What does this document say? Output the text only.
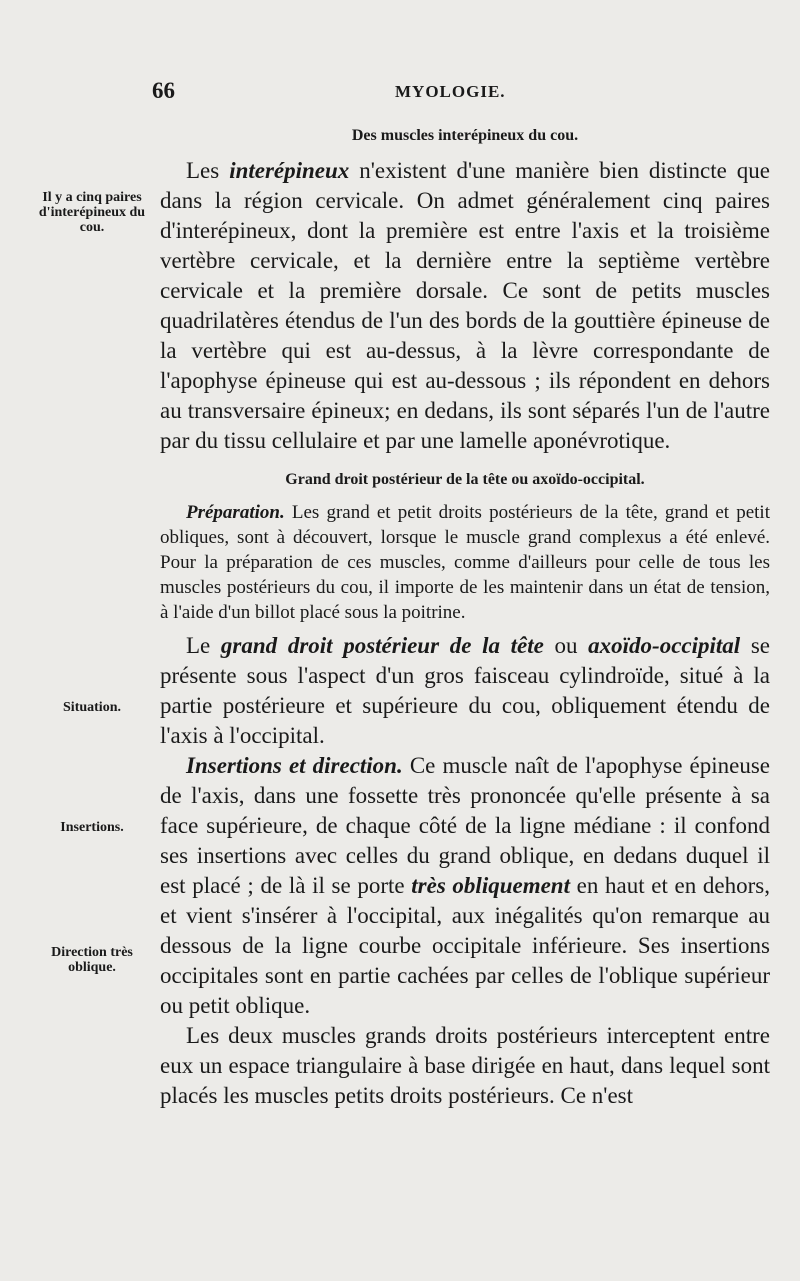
66	MYOLOGIE.
Il y a cinq paires d'interépineux du cou.
Situation.
Insertions.
Direction très oblique.
Des muscles interépineux du cou.

Les interépineux n'existent d'une manière bien distincte que dans la région cervicale. On admet généralement cinq paires d'interépineux, dont la première est entre l'axis et la troisième vertèbre cervicale, et la dernière entre la septième vertèbre cervicale et la première dorsale. Ce sont de petits muscles quadrilatères étendus de l'un des bords de la gouttière épineuse de la vertèbre qui est au-dessus, à la lèvre correspondante de l'apophyse épineuse qui est au-dessous ; ils répondent en dehors au transversaire épineux; en dedans, ils sont séparés l'un de l'autre par du tissu cellulaire et par une lamelle aponévrotique.

Grand droit postérieur de la tête ou axoïdo-occipital.

Préparation. Les grand et petit droits postérieurs de la tête, grand et petit obliques, sont à découvert, lorsque le muscle grand complexus a été enlevé. Pour la préparation de ces muscles, comme d'ailleurs pour celle de tous les muscles postérieurs du cou, il importe de les maintenir dans un état de tension, à l'aide d'un billot placé sous la poitrine.

Le grand droit postérieur de la tête ou axoïdo-occipital se présente sous l'aspect d'un gros faisceau cylindroïde, situé à la partie postérieure et supérieure du cou, obliquement étendu de l'axis à l'occipital.

Insertions et direction. Ce muscle naît de l'apophyse épineuse de l'axis, dans une fossette très prononcée qu'elle présente à sa face supérieure, de chaque côté de la ligne médiane : il confond ses insertions avec celles du grand oblique, en dedans duquel il est placé ; de là il se porte très obliquement en haut et en dehors, et vient s'insérer à l'occipital, aux inégalités qu'on remarque au dessous de la ligne courbe occipitale inférieure. Ses insertions occipitales sont en partie cachées par celles de l'oblique supérieur ou petit oblique.

Les deux muscles grands droits postérieurs interceptent entre eux un espace triangulaire à base dirigée en haut, dans lequel sont placés les muscles petits droits postérieurs. Ce n'est
